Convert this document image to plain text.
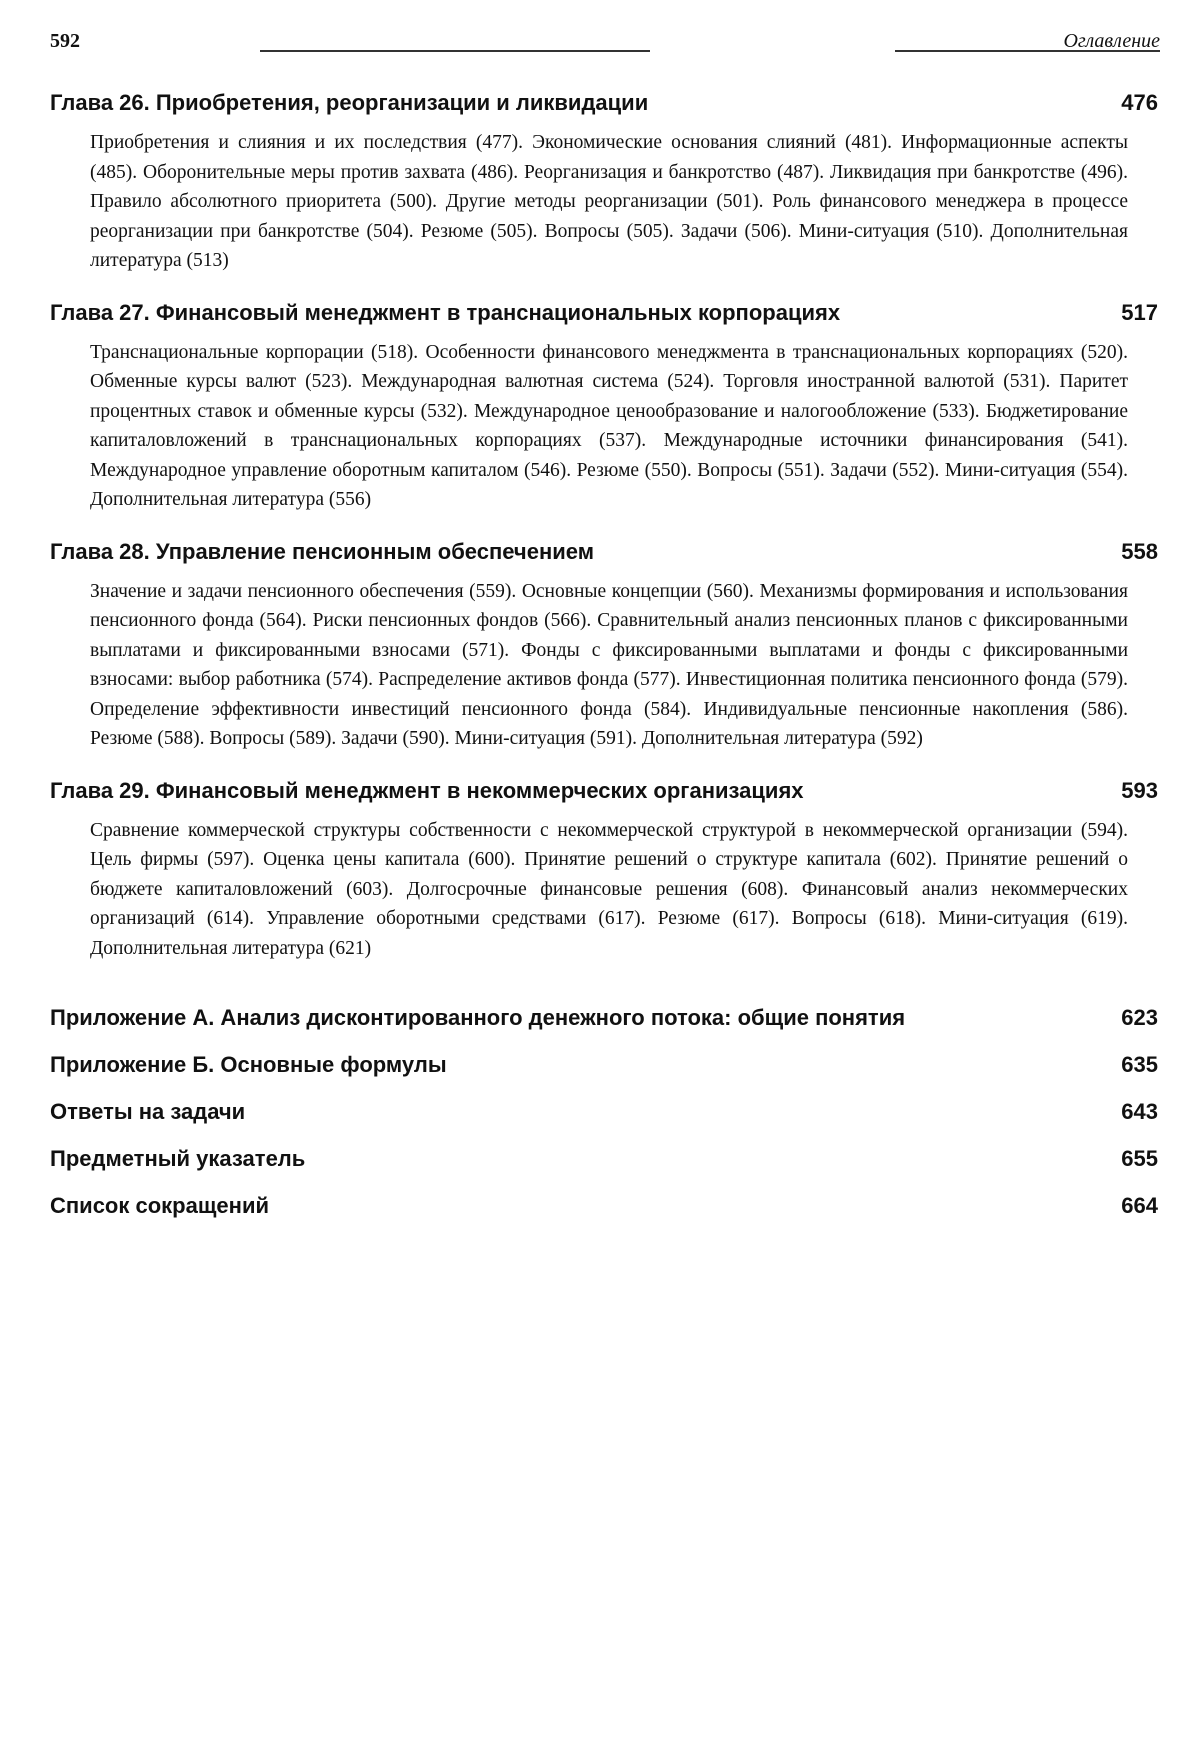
592	Оглавление
Глава 26. Приобретения, реорганизации и ликвидации	476
Приобретения и слияния и их последствия (477). Экономические основания слияний (481). Информационные аспекты (485). Оборонительные меры против захвата (486). Реорганизация и банкротство (487). Ликвидация при банкротстве (496). Правило абсолютного приоритета (500). Другие методы реорганизации (501). Роль финансового менеджера в процессе реорганизации при банкротстве (504). Резюме (505). Вопросы (505). Задачи (506). Мини-ситуация (510). Дополнительная литература (513)
Глава 27. Финансовый менеджмент в транснациональных корпорациях	517
Транснациональные корпорации (518). Особенности финансового менеджмента в транснациональных корпорациях (520). Обменные курсы валют (523). Международная валютная система (524). Торговля иностранной валютой (531). Паритет процентных ставок и обменные курсы (532). Международное ценообразование и налогообложение (533). Бюджетирование капиталовложений в транснациональных корпорациях (537). Международные источники финансирования (541). Международное управление оборотным капиталом (546). Резюме (550). Вопросы (551). Задачи (552). Мини-ситуация (554). Дополнительная литература (556)
Глава 28. Управление пенсионным обеспечением	558
Значение и задачи пенсионного обеспечения (559). Основные концепции (560). Механизмы формирования и использования пенсионного фонда (564). Риски пенсионных фондов (566). Сравнительный анализ пенсионных планов с фиксированными выплатами и фиксированными взносами (571). Фонды с фиксированными выплатами и фонды с фиксированными взносами: выбор работника (574). Распределение активов фонда (577). Инвестиционная политика пенсионного фонда (579). Определение эффективности инвестиций пенсионного фонда (584). Индивидуальные пенсионные накопления (586). Резюме (588). Вопросы (589). Задачи (590). Мини-ситуация (591). Дополнительная литература (592)
Глава 29. Финансовый менеджмент в некоммерческих организациях	593
Сравнение коммерческой структуры собственности с некоммерческой структурой в некоммерческой организации (594). Цель фирмы (597). Оценка цены капитала (600). Принятие решений о структуре капитала (602). Принятие решений о бюджете капиталовложений (603). Долгосрочные финансовые решения (608). Финансовый анализ некоммерческих организаций (614). Управление оборотными средствами (617). Резюме (617). Вопросы (618). Мини-ситуация (619). Дополнительная литература (621)
Приложение А. Анализ дисконтированного денежного потока: общие понятия	623
Приложение Б. Основные формулы	635
Ответы на задачи	643
Предметный указатель	655
Список сокращений	664
